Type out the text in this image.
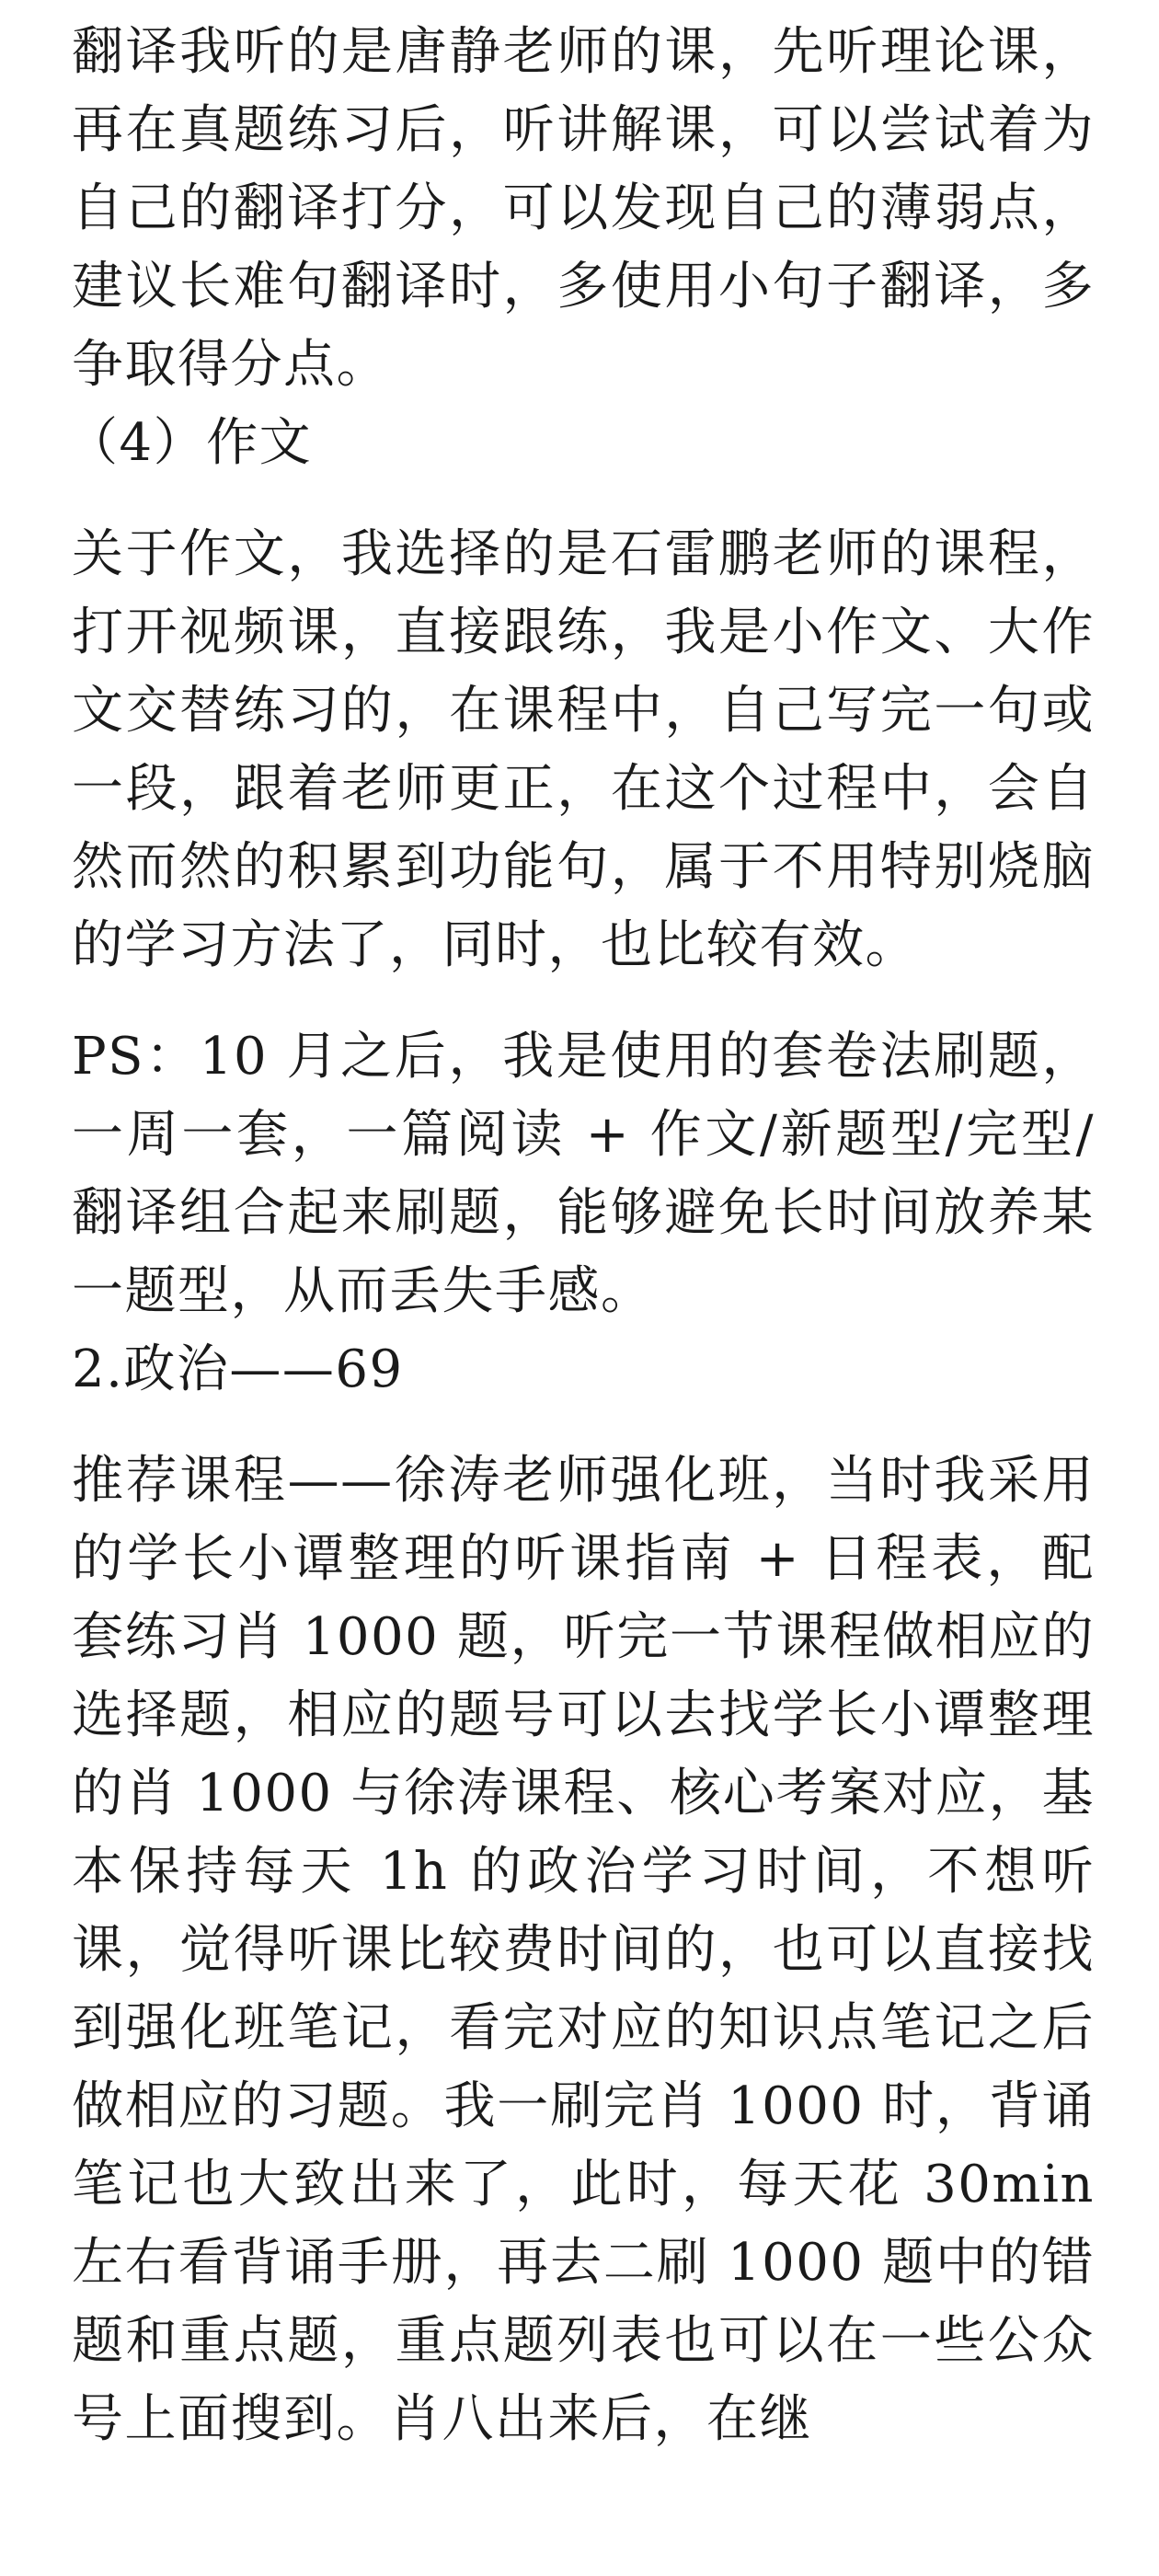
翻译我听的是唐静老师的课，先听理论课，再在真题练习后，听讲解课，可以尝试着为自己的翻译打分，可以发现自己的薄弱点，建议长难句翻译时，多使用小句子翻译，多争取得分点。

（4）作文

关于作文，我选择的是石雷鹏老师的课程，打开视频课，直接跟练，我是小作文、大作文交替练习的，在课程中，自己写完一句或一段，跟着老师更正，在这个过程中，会自然而然的积累到功能句，属于不用特别烧脑的学习方法了，同时，也比较有效。

PS：10 月之后，我是使用的套卷法刷题，一周一套，一篇阅读 + 作文/新题型/完型/翻译组合起来刷题，能够避免长时间放养某一题型，从而丢失手感。

2.政治——69

推荐课程——徐涛老师强化班，当时我采用的学长小谭整理的听课指南 + 日程表，配套练习肖 1000 题，听完一节课程做相应的选择题，相应的题号可以去找学长小谭整理的肖 1000 与徐涛课程、核心考案对应，基本保持每天 1h 的政治学习时间，不想听课，觉得听课比较费时间的，也可以直接找到强化班笔记，看完对应的知识点笔记之后做相应的习题。我一刷完肖 1000 时，背诵笔记也大致出来了，此时，每天花 30min 左右看背诵手册，再去二刷 1000 题中的错题和重点题，重点题列表也可以在一些公众号上面搜到。肖八出来后，在继
